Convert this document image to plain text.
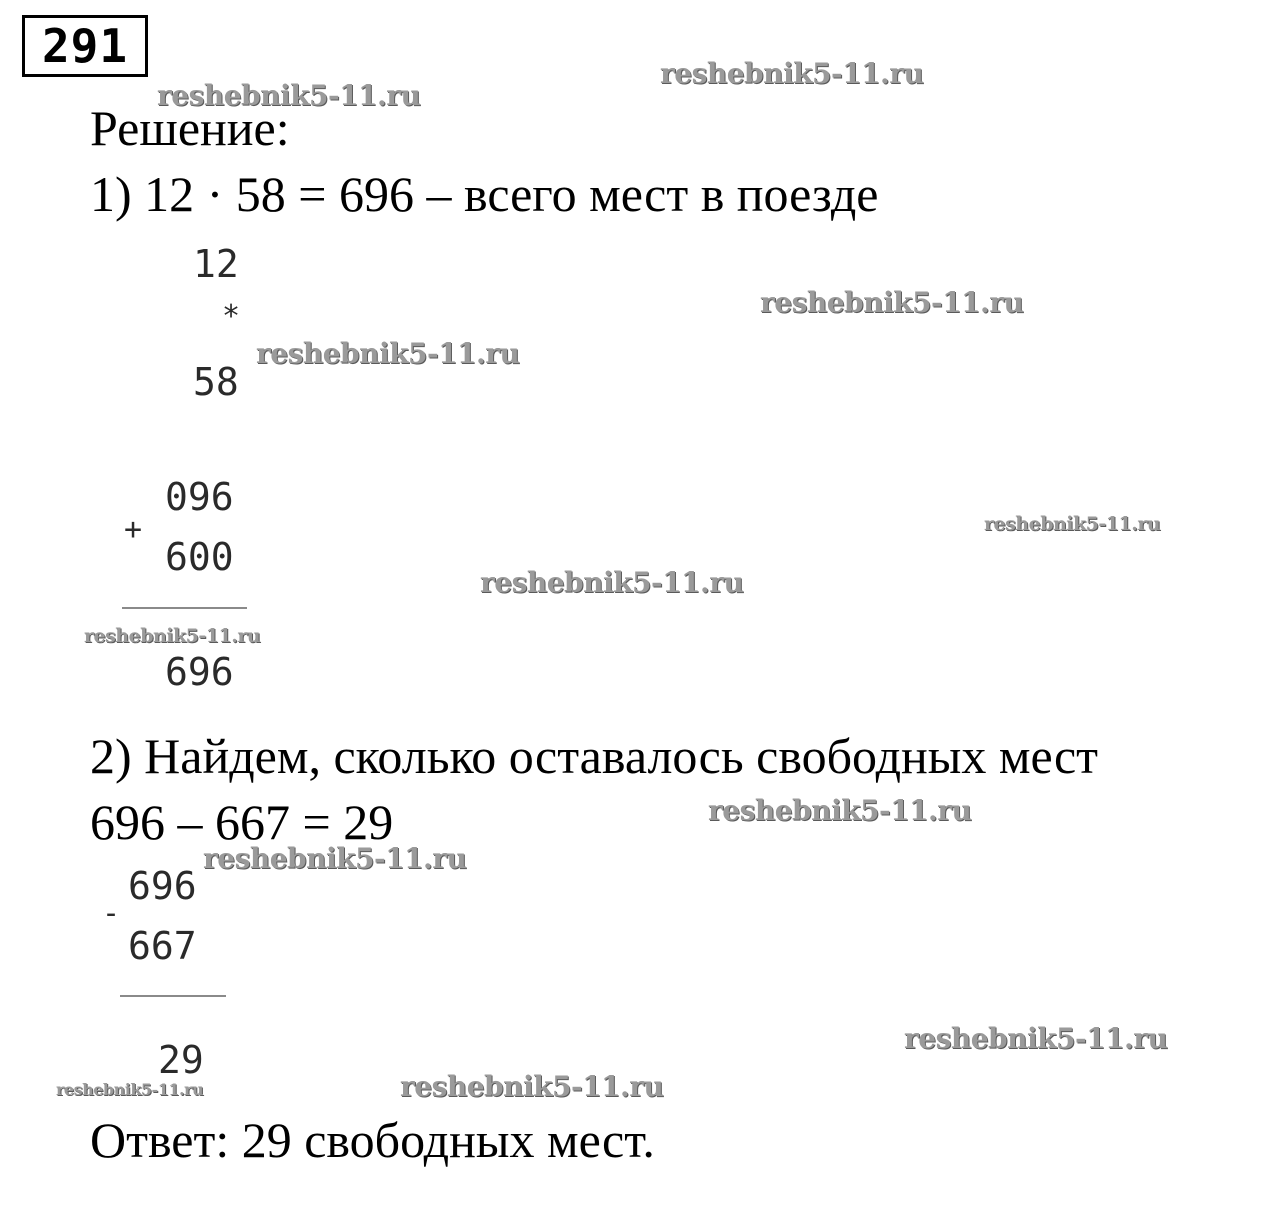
291
Решение:
1) 12 · 58 = 696 – всего мест в поезде
12
*
58
096
+
600
696
2) Найдем, сколько оставалось свободных мест
696 – 667 = 29
696
-
667
29
Ответ: 29 свободных мест.
reshebnik5-11.ru
reshebnik5-11.ru
reshebnik5-11.ru
reshebnik5-11.ru
reshebnik5-11.ru
reshebnik5-11.ru
reshebnik5-11.ru
reshebnik5-11.ru
reshebnik5-11.ru
reshebnik5-11.ru
reshebnik5-11.ru	reshebnik5-11.ru
